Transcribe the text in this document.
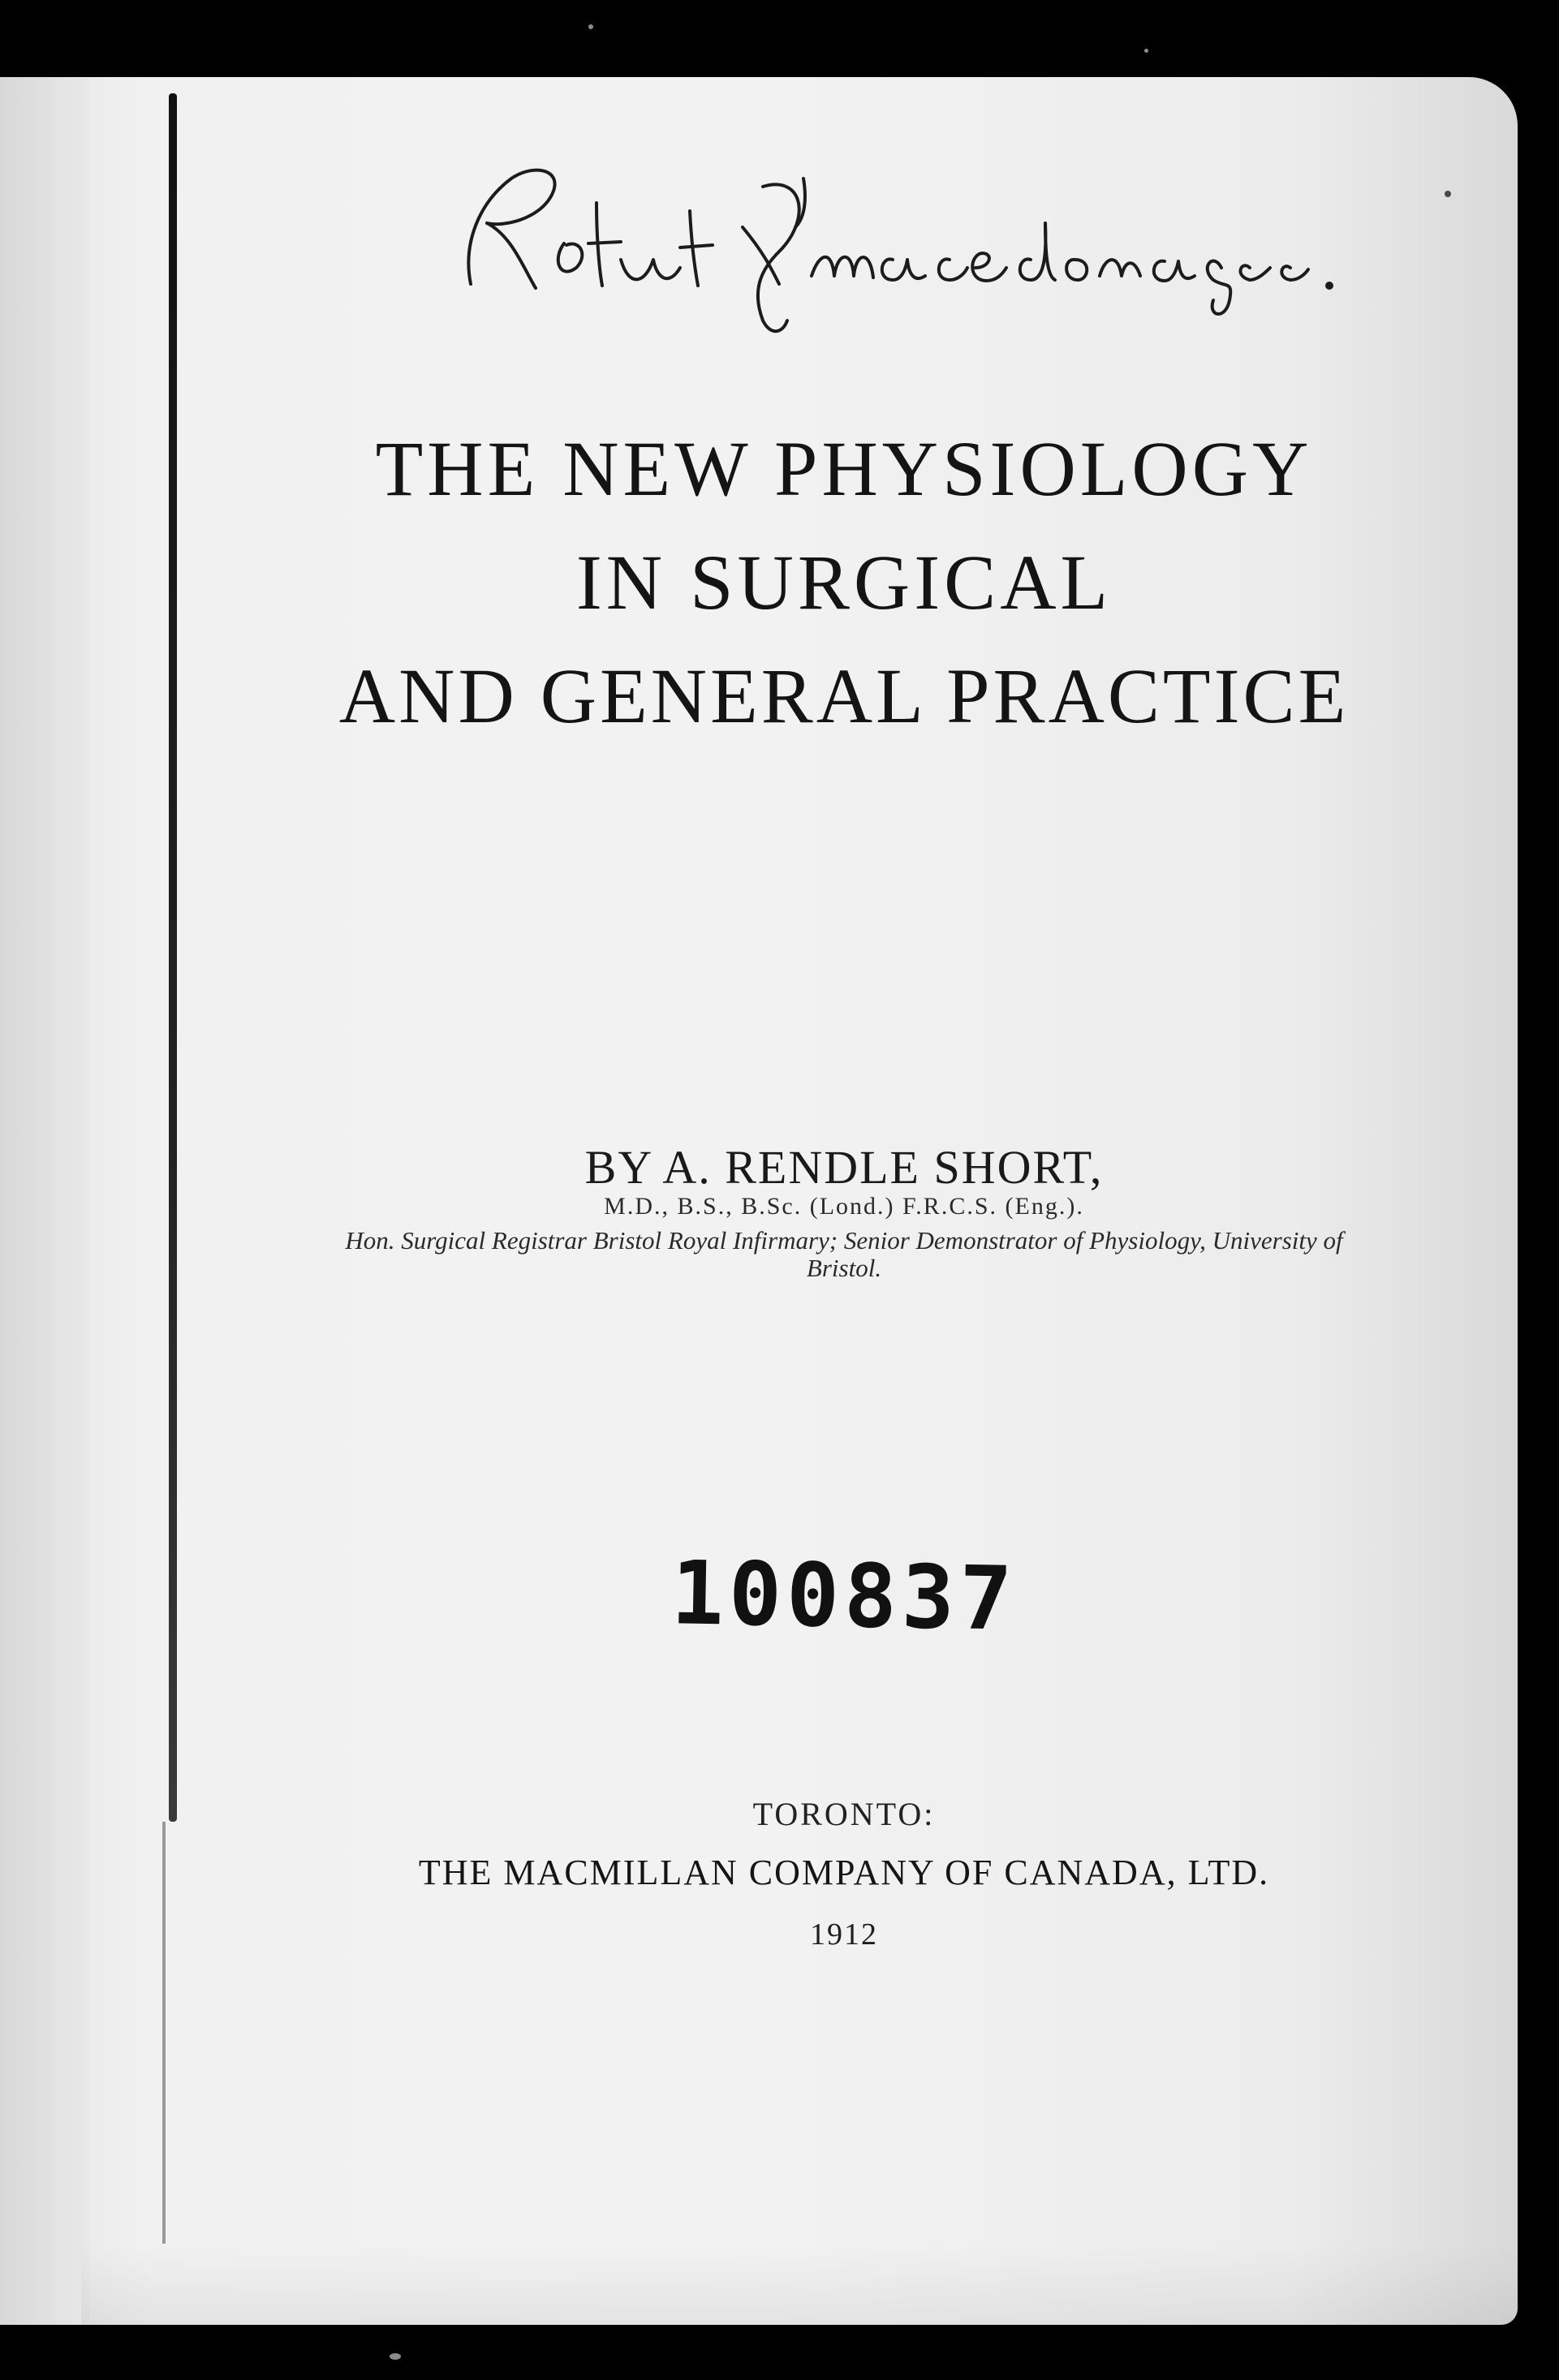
THE NEW PHYSIOLOGY
IN SURGICAL
AND GENERAL PRACTICE
BY A. RENDLE SHORT,
M.D., B.S., B.Sc. (Lond.) F.R.C.S. (Eng.).
Hon. Surgical Registrar Bristol Royal Infirmary; Senior Demonstrator of Physiology, University of Bristol.
100837
TORONTO:
THE MACMILLAN COMPANY OF CANADA, LTD.
1912
